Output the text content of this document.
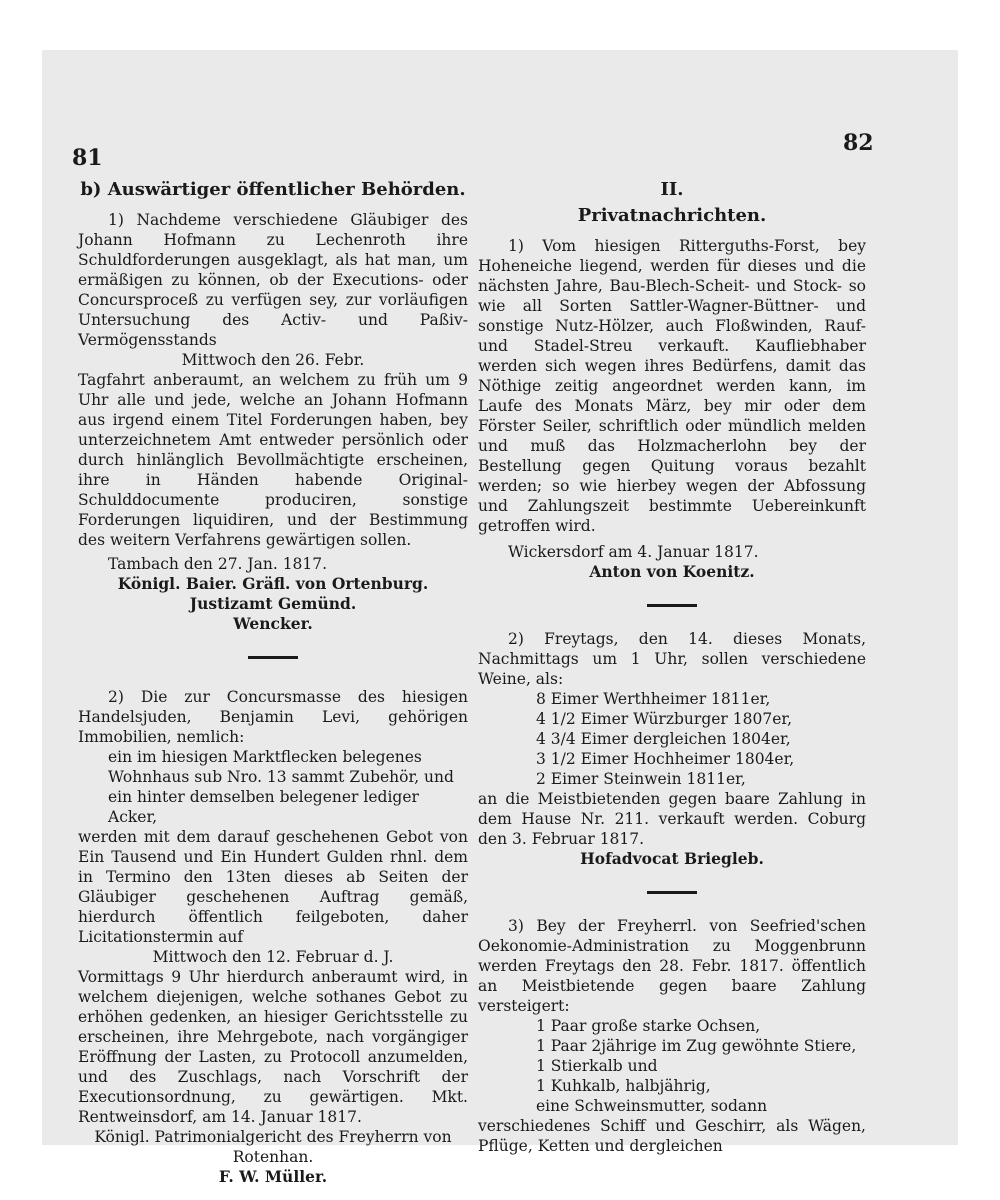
81
82

b) Auswärtiger öffentlicher Behörden.

1) Nachdeme verschiedene Gläubiger des Johann Hofmann zu Lechenroth ihre Schuldforderungen ausgeklagt, als hat man, um ermäßigen zu können, ob der Executions- oder Concursproceß zu verfügen sey, zur vorläufigen Untersuchung des Activ- und Paßiv-Vermögensstands

Mittwoch den 26. Febr.

Tagfahrt anberaumt, an welchem zu früh um 9 Uhr alle und jede, welche an Johann Hofmann aus irgend einem Titel Forderungen haben, bey unterzeichnetem Amt entweder persönlich oder durch hinlänglich Bevollmächtigte erscheinen, ihre in Händen habende Original-Schulddocumente produciren, sonstige Forderungen liquidiren, und der Bestimmung des weitern Verfahrens gewärtigen sollen.

Tambach den 27. Jan. 1817.

Königl. Baier. Gräfl. von Ortenburg. Justizamt Gemünd.

Wencker.

2) Die zur Concursmasse des hiesigen Handelsjuden, Benjamin Levi, gehörigen Immobilien, nemlich:

ein im hiesigen Marktflecken belegenes Wohnhaus sub Nro. 13 sammt Zubehör, und ein hinter demselben belegener lediger Acker,

werden mit dem darauf geschehenen Gebot von Ein Tausend und Ein Hundert Gulden rhnl. dem in Termino den 13ten dieses ab Seiten der Gläubiger geschehenen Auftrag gemäß, hierdurch öffentlich feilgeboten, daher Licitationstermin auf

Mittwoch den 12. Februar d. J.

Vormittags 9 Uhr hierdurch anberaumt wird, in welchem diejenigen, welche sothanes Gebot zu erhöhen gedenken, an hiesiger Gerichtsstelle zu erscheinen, ihre Mehrgebote, nach vorgängiger Eröffnung der Lasten, zu Protocoll anzumelden, und des Zuschlags, nach Vorschrift der Executionsordnung, zu gewärtigen. Mkt. Rentweinsdorf, am 14. Januar 1817.

Königl. Patrimonialgericht des Freyherrn von Rotenhan.

F. W. Müller.

II.

Privatnachrichten.

1) Vom hiesigen Ritterguths-Forst, bey Hoheneiche liegend, werden für dieses und die nächsten Jahre, Bau-Blech-Scheit- und Stock- so wie all Sorten Sattler-Wagner-Büttner- und sonstige Nutz-Hölzer, auch Floßwinden, Rauf- und Stadel-Streu verkauft. Kaufliebhaber werden sich wegen ihres Bedürfens, damit das Nöthige zeitig angeordnet werden kann, im Laufe des Monats März, bey mir oder dem Förster Seiler, schriftlich oder mündlich melden und muß das Holzmacherlohn bey der Bestellung gegen Quitung voraus bezahlt werden; so wie hierbey wegen der Abfossung und Zahlungszeit bestimmte Uebereinkunft getroffen wird.

Wickersdorf am 4. Januar 1817.

Anton von Koenitz.

2) Freytags, den 14. dieses Monats, Nachmittags um 1 Uhr, sollen verschiedene Weine, als:

8 Eimer Werthheimer 1811er,

4 1/2 Eimer Würzburger 1807er,

4 3/4 Eimer dergleichen 1804er,

3 1/2 Eimer Hochheimer 1804er,

2 Eimer Steinwein 1811er,

an die Meistbietenden gegen baare Zahlung in dem Hause Nr. 211. verkauft werden. Coburg den 3. Februar 1817.

Hofadvocat Briegleb.

3) Bey der Freyherrl. von Seefried'schen Oekonomie-Administration zu Moggenbrunn werden Freytags den 28. Febr. 1817. öffentlich an Meistbietende gegen baare Zahlung versteigert:

1 Paar große starke Ochsen,

1 Paar 2jährige im Zug gewöhnte Stiere,

1 Stierkalb und

1 Kuhkalb, halbjährig,

eine Schweinsmutter, sodann

verschiedenes Schiff und Geschirr, als Wägen, Pflüge, Ketten und dergleichen
